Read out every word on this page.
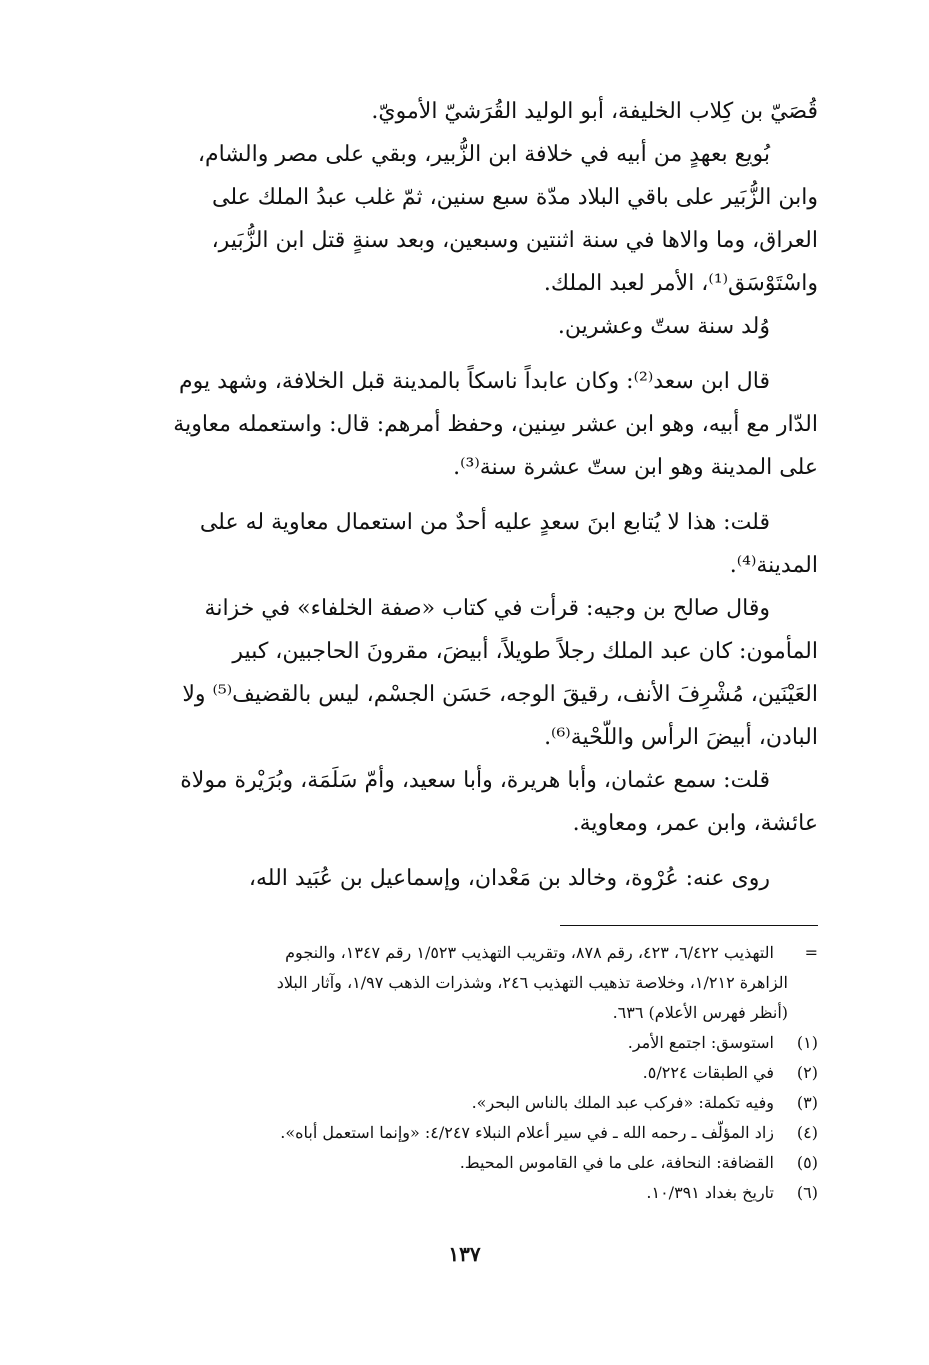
قُصَيّ بن كِلاب الخليفة، أبو الوليد القُرَشيّ الأمويّ.

بُويع بعهدٍ من أبيه في خلافة ابن الزُّبير، وبقي على مصر والشام،
وابن الزُّبَير على باقي البلاد مدّة سبع سنين، ثمّ غلب عبدُ الملك على
العراق، وما والاها في سنة اثنتين وسبعين، وبعد سنةٍ قتل ابن الزُّبَير،
واسْتَوْسَق⁽¹⁾، الأمر لعبد الملك.

وُلد سنة ستّ وعشرين.

قال ابن سعد⁽²⁾: وكان عابداً ناسكاً بالمدينة قبل الخلافة، وشهد يوم
الدّار مع أبيه، وهو ابن عشر سِنين، وحفظ أمرهم: قال: واستعمله معاوية
على المدينة وهو ابن ستّ عشرة سنة⁽³⁾.

قلت: هذا لا يُتابع ابنَ سعدٍ عليه أحدٌ من استعمال معاوية له على
المدينة⁽⁴⁾.

وقال صالح بن وجيه: قرأت في كتاب «صفة الخلفاء» في خزانة
المأمون: كان عبد الملك رجلاً طويلاً، أبيضَ، مقرونَ الحاجبين، كبير
العَيْنَين، مُشْرِفَ الأنف، رقيقَ الوجه، حَسَن الجسْم، ليس بالقضيف⁽⁵⁾ ولا
البادن، أبيضَ الرأس واللّحْية⁽⁶⁾.

قلت: سمع عثمان، وأبا هريرة، وأبا سعيد، وأمّ سَلَمَة، وبُرَيْرة مولاة
عائشة، وابن عمر، ومعاوية.

روى عنه: عُرْوة، وخالد بن مَعْدان، وإسماعيل بن عُبَيد الله،

=
التهذيب ٦/٤٢٢، ٤٢٣، رقم ٨٧٨، وتقريب التهذيب ١/٥٢٣ رقم ١٣٤٧، والنجوم
الزاهرة ١/٢١٢، وخلاصة تذهيب التهذيب ٢٤٦، وشذرات الذهب ١/٩٧، وآثار البلاد
(أنظر فهرس الأعلام) ٦٣٦.
(١)
استوسق: اجتمع الأمر.
(٢)
في الطبقات ٥/٢٢٤.
(٣)
وفيه تكملة: «فركب عبد الملك بالناس البحر».
(٤)
زاد المؤلّف ـ رحمه الله ـ في سير أعلام النبلاء ٤/٢٤٧: «وإنما استعمل أباه».
(٥)
القضافة: النحافة، على ما في القاموس المحيط.
(٦)
تاريخ بغداد ١٠/٣٩١.
١٣٧
